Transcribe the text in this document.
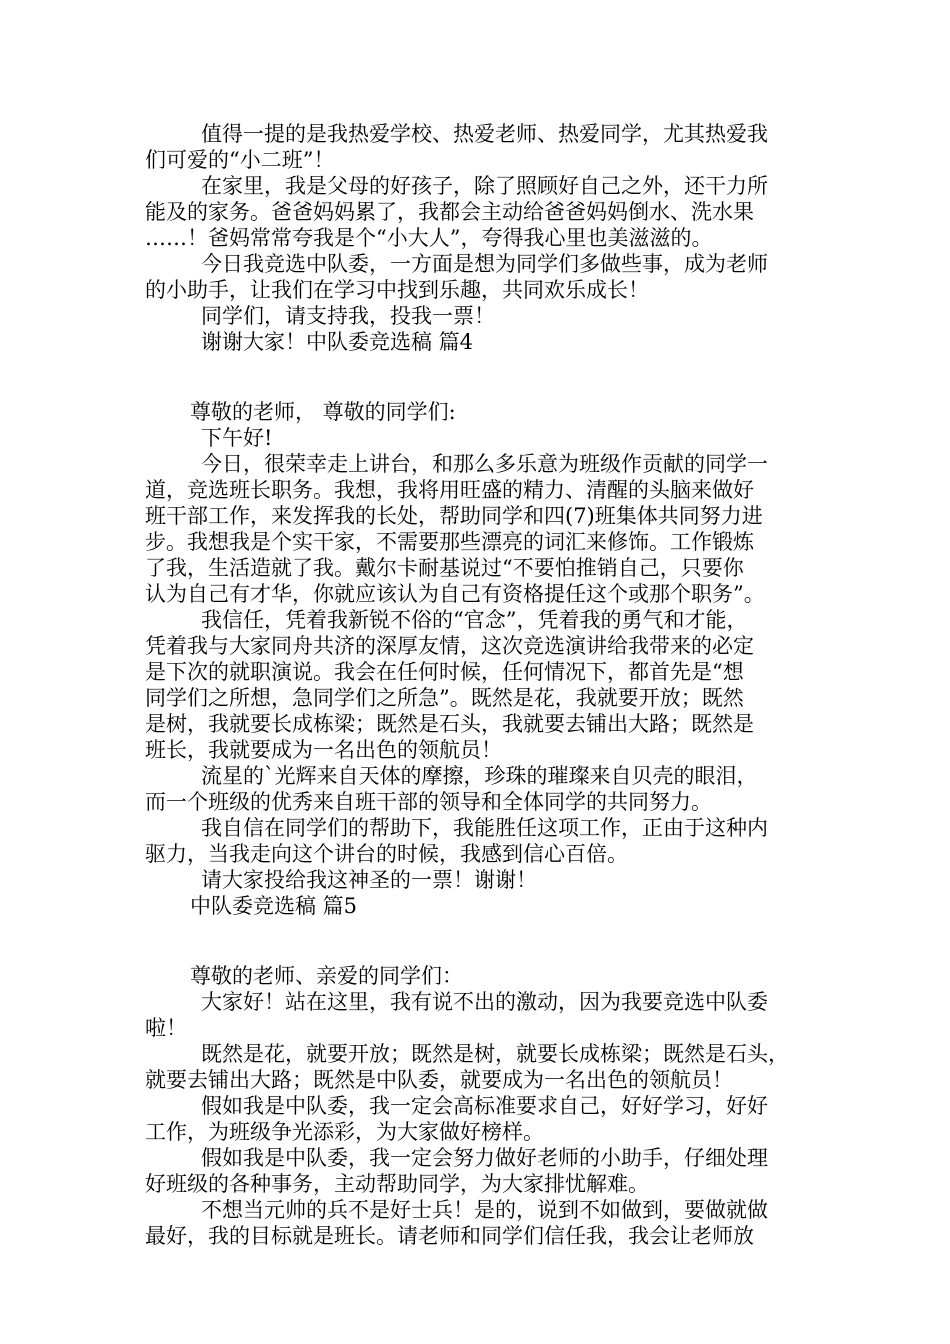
值得一提的是我热爱学校、热爱老师、热爱同学，尤其热爱我
们可爱的“小二班”！
在家里，我是父母的好孩子，除了照顾好自己之外，还干力所
能及的家务。爸爸妈妈累了，我都会主动给爸爸妈妈倒水、洗水果
……！爸妈常常夸我是个“小大人”，夸得我心里也美滋滋的。
今日我竞选中队委，一方面是想为同学们多做些事，成为老师
的小助手，让我们在学习中找到乐趣，共同欢乐成长！
同学们，请支持我，投我一票！
谢谢大家！中队委竞选稿 篇4
尊敬的老师， 尊敬的同学们:
下午好!
今日，很荣幸走上讲台，和那么多乐意为班级作贡献的同学一
道，竞选班长职务。我想，我将用旺盛的精力、清醒的头脑来做好
班干部工作，来发挥我的长处，帮助同学和四(7)班集体共同努力进
步。我想我是个实干家，不需要那些漂亮的词汇来修饰。工作锻炼
了我，生活造就了我。戴尔卡耐基说过“不要怕推销自己，只要你
认为自己有才华，你就应该认为自己有资格提任这个或那个职务”。
我信任，凭着我新锐不俗的“官念”，凭着我的勇气和才能，
凭着我与大家同舟共济的深厚友情，这次竞选演讲给我带来的必定
是下次的就职演说。我会在任何时候，任何情况下，都首先是“想
同学们之所想，急同学们之所急”。既然是花，我就要开放；既然
是树，我就要长成栋梁；既然是石头，我就要去铺出大路；既然是
班长，我就要成为一名出色的领航员！
流星的`光辉来自天体的摩擦，珍珠的璀璨来自贝壳的眼泪，
而一个班级的优秀来自班干部的领导和全体同学的共同努力。
我自信在同学们的帮助下，我能胜任这项工作，正由于这种内
驱力，当我走向这个讲台的时候，我感到信心百倍。
请大家投给我这神圣的一票！谢谢！
中队委竞选稿 篇5
尊敬的老师、亲爱的同学们：
大家好！站在这里，我有说不出的激动，因为我要竞选中队委
啦！
既然是花，就要开放；既然是树，就要长成栋梁；既然是石头，
就要去铺出大路；既然是中队委，就要成为一名出色的领航员！
假如我是中队委，我一定会高标准要求自己，好好学习，好好
工作，为班级争光添彩，为大家做好榜样。
假如我是中队委，我一定会努力做好老师的小助手，仔细处理
好班级的各种事务，主动帮助同学，为大家排忧解难。
不想当元帅的兵不是好士兵！是的，说到不如做到，要做就做
最好，我的目标就是班长。请老师和同学们信任我，我会让老师放
